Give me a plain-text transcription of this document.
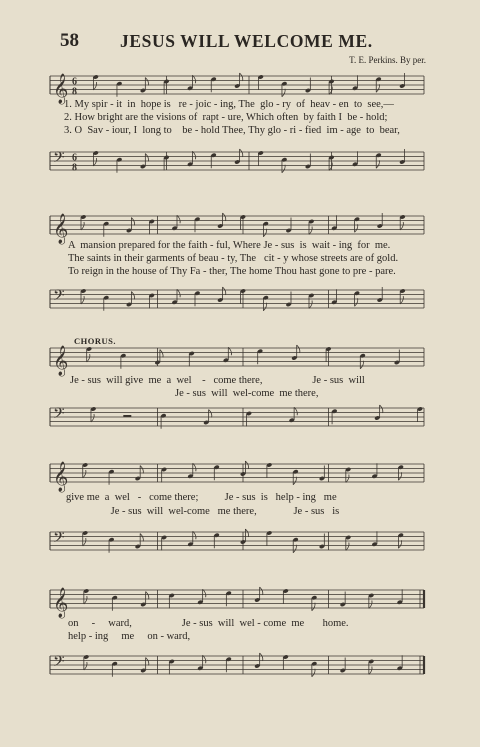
58 JESUS WILL WELCOME ME.
T. E. Perkins. By per.
𝄞 6
8
1. My spir - it  in  hope is   re - joic - ing, The  glo - ry  of  heav - en  to  see,—
2. How bright are the visions of  rapt - ure, Which often  by faith I  be - hold;
3. O  Sav - iour, I  long to    be - hold Thee, Thy glo - ri - fied  im - age  to  bear,
𝄢 6
8
𝄞
A  mansion prepared for the faith - ful, Where Je - sus  is  wait - ing  for  me.
The saints in their garments of beau - ty, The   cit - y whose streets are of gold.
To reign in the house of Thy Fa - ther, The home Thou hast gone to pre - pare.
𝄢
CHORUS.
𝄞
Je - sus  will give  me  a  wel    -   come there,                   Je - sus  will
Je - sus  will  wel-come  me there,
𝄢
𝄞
give me  a  wel   -   come there;          Je - sus  is   help - ing   me
Je - sus  will  wel-come   me there,              Je - sus   is
𝄢
𝄞
on     -     ward,                   Je - sus  will  wel - come  me       home.
help - ing     me     on - ward,
𝄢
